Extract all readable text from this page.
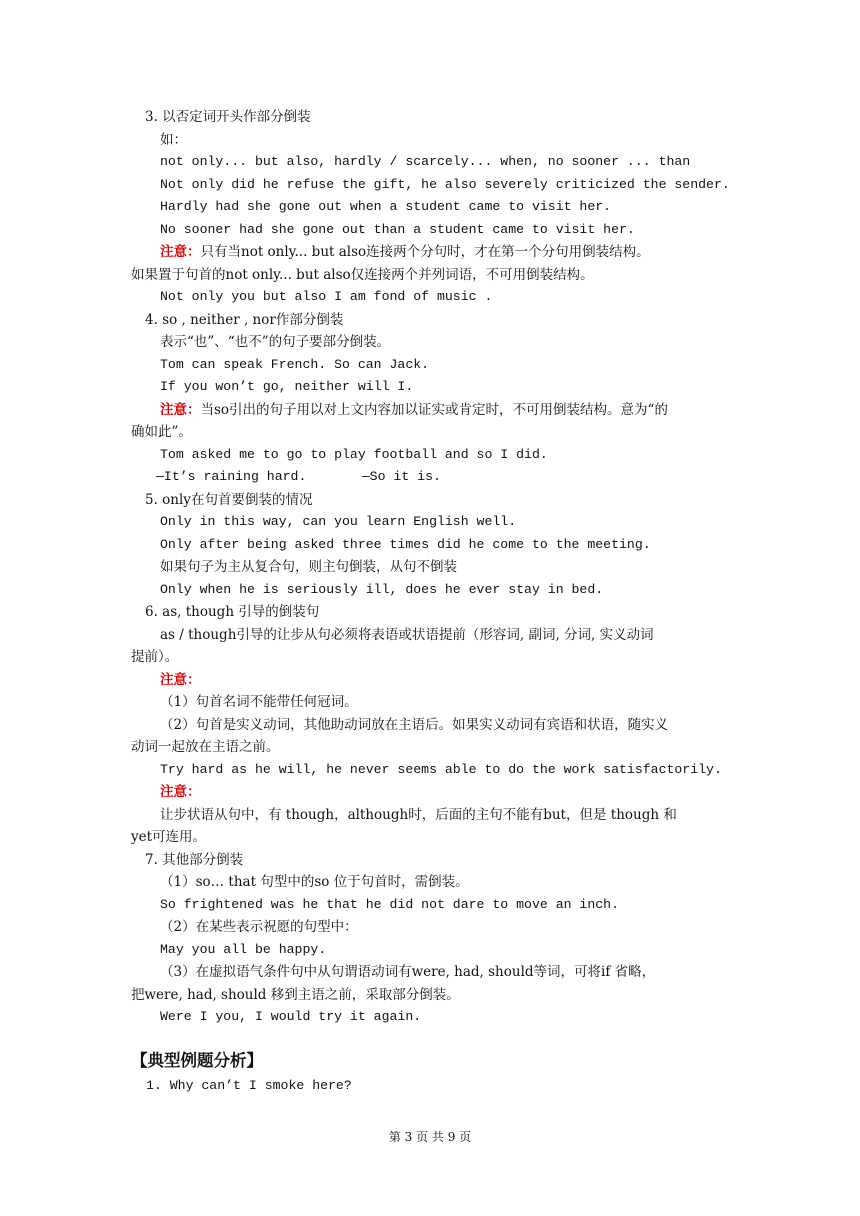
3. 以否定词开头作部分倒装
如：
not only... but also, hardly / scarcely... when, no sooner ... than
Not only did he refuse the gift, he also severely criticized the sender.
Hardly had she gone out when a student came to visit her.
No sooner had she gone out than a student came to visit her.
注意：只有当not only... but also连接两个分句时，才在第一个分句用倒装结构。
如果置于句首的not only... but also仅连接两个并列词语，不可用倒装结构。
Not only you but also I am fond of music .
4. so , neither , nor作部分倒装
表示“也”、“也不”的句子要部分倒装。
Tom can speak French. So can Jack.
If you won’t go, neither will I.
注意：当so引出的句子用以对上文内容加以证实或肯定时，不可用倒装结构。意为“的
确如此”。
Tom asked me to go to play football and so I did.
—It’s raining hard.       —So it is.
5. only在句首要倒装的情况
Only in this way, can you learn English well.
Only after being asked three times did he come to the meeting.
如果句子为主从复合句，则主句倒装，从句不倒装
Only when he is seriously ill, does he ever stay in bed.
6. as, though 引导的倒装句
as / though引导的让步从句必须将表语或状语提前（形容词, 副词, 分词, 实义动词
提前）。
注意：
（1）句首名词不能带任何冠词。
（2）句首是实义动词，其他助动词放在主语后。如果实义动词有宾语和状语，随实义
动词一起放在主语之前。
Try hard as he will, he never seems able to do the work satisfactorily.
注意：
让步状语从句中，有 though，although时，后面的主句不能有but，但是 though 和
yet可连用。
7. 其他部分倒装
（1）so… that 句型中的so 位于句首时，需倒装。
So frightened was he that he did not dare to move an inch.
（2）在某些表示祝愿的句型中：
May you all be happy.
（3）在虚拟语气条件句中从句谓语动词有were, had, should等词，可将if 省略，
把were, had, should 移到主语之前，采取部分倒装。
Were I you, I would try it again.
【典型例题分析】
1. Why can’t I smoke here?
第 3 页 共 9 页
